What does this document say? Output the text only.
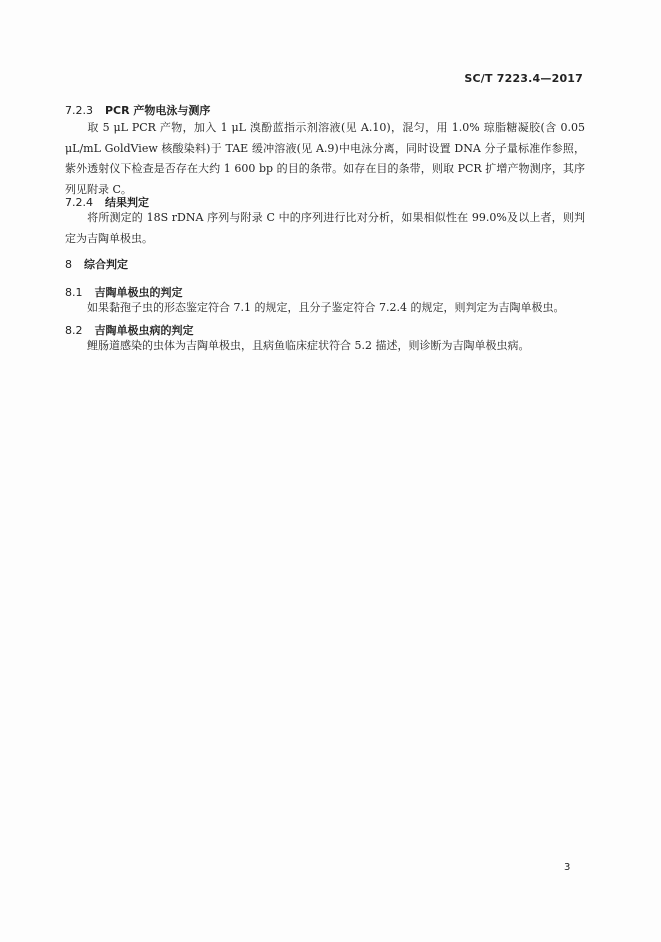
SC/T 7223.4—2017
7.2.3 PCR 产物电泳与测序
取 5 μL PCR 产物，加入 1 μL 溴酚蓝指示剂溶液(见 A.10)，混匀，用 1.0% 琼脂糖凝胶(含 0.05 μL/mL GoldView 核酸染料)于 TAE 缓冲溶液(见 A.9)中电泳分离，同时设置 DNA 分子量标准作参照，紫外透射仪下检查是否存在大约 1 600 bp 的目的条带。如存在目的条带，则取 PCR 扩增产物测序，其序列见附录 C。
7.2.4 结果判定
将所测定的 18S rDNA 序列与附录 C 中的序列进行比对分析，如果相似性在 99.0%及以上者，则判定为吉陶单极虫。
8 综合判定
8.1 吉陶单极虫的判定
如果黏孢子虫的形态鉴定符合 7.1 的规定，且分子鉴定符合 7.2.4 的规定，则判定为吉陶单极虫。
8.2 吉陶单极虫病的判定
鲤肠道感染的虫体为吉陶单极虫，且病鱼临床症状符合 5.2 描述，则诊断为吉陶单极虫病。
3
